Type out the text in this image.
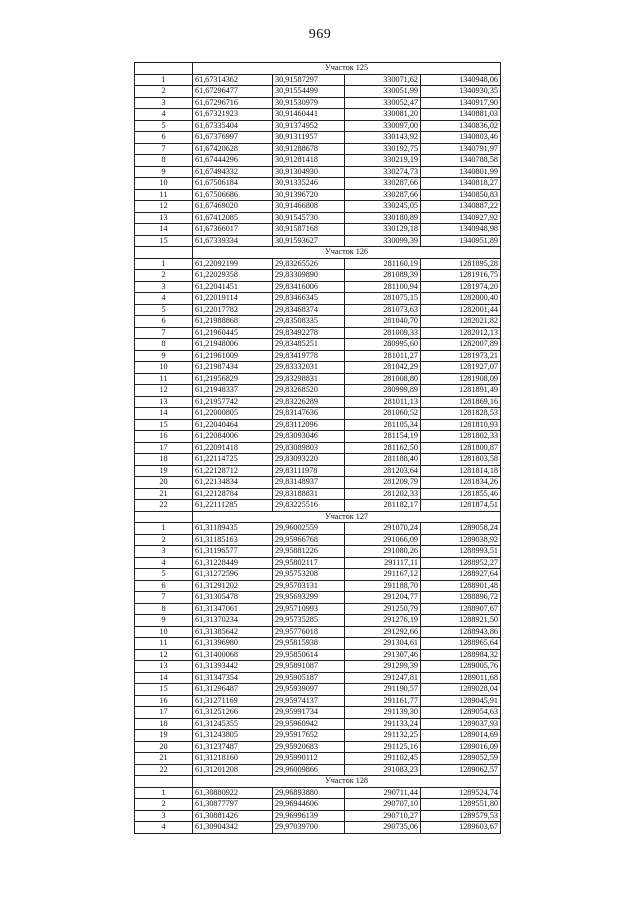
969
	Участок 125			
1	61,67314362	30,91587297	330071,62	1340948,06
2	61,67296477	30,91554499	330051,99	1340930,35
3	61,67296716	30,91530979	330052,47	1340917,90
4	61,67321923	30,91460441	330081,20	1340881,03
5	61,67335404	30,91374952	330097,00	1340836,02
6	61,67376997	30,91311957	330143,92	1340803,46
7	61,67420628	30,91288678	330192,75	1340791,97
8	61,67444296	30,91281418	330219,19	1340788,58
9	61,67494332	30,91304930	330274,73	1340801,99
10	61,67506184	30,91335246	330287,66	1340818,27
11	61,67506686	30,91396720	330287,66	1340850,83
12	61,67469020	30,91466808	330245,05	1340887,22
13	61,67412085	30,91545730	330180,89	1340927,92
14	61,67366017	30,91587168	330129,18	1340948,98
15	61,67339334	30,91593627	330099,39	1340951,89
	Участок 126			
1	61,22092199	29,83265526	281160,19	1281895,28
2	61,22029358	29,83309890	281089,39	1281916,75
3	61,22041451	29,83416006	281100,94	1281974,20
4	61,22019114	29,83466345	281075,15	1282000,40
5	61,22017782	29,83468374	281073,63	1282001,44
6	61,21988868	29,83508335	281040,70	1282021,82
7	61,21960445	29,83492278	281009,33	1282012,13
8	61,21948006	29,83485251	280995,60	1282007,89
9	61,21961009	29,83419778	281011,27	1281973,21
10	61,21987434	29,83332031	281042,29	1281927,07
11	61,21956829	29,83298831	281008,80	1281908,09
12	61,21948337	29,83268520	280999,89	1281891,49
13	61,21957742	29,83226289	281011,13	1281869,16
14	61,22000805	29,83147636	281060,52	1281828,53
15	61,22040464	29,83112096	281105,34	1281810,93
16	61,22084006	29,83093046	281154,19	1281802,33
17	61,22091418	29,83089803	281162,50	1281800,87
18	61,22114725	29,83093220	281188,40	1281803,58
19	61,22128712	29,83111978	281203,64	1281814,18
20	61,22134834	29,83148937	281209,79	1281834,26
21	61,22128784	29,83188831	281202,33	1281855,46
22	61,22111285	29,83225516	281182,17	1281874,51
	Участок 127			
1	61,31189435	29,96002559	291070,24	1289058,24
2	61,31185163	29,95966768	291066,09	1289038,92
3	61,31196577	29,95881226	291080,26	1288993,51
4	61,31228449	29,95802117	291117,11	1288952,27
5	61,31272596	29,95753208	291167,12	1288927,64
6	61,31291202	29,95703131	291188,70	1288901,48
7	61,31305478	29,95693299	291204,77	1288896,72
8	61,31347061	29,95710993	291250,79	1288907,67
9	61,31370234	29,95735285	291276,19	1288921,50
10	61,31385642	29,95776018	291292,66	1288943,86
11	61,31396980	29,95815938	291304,61	1288965,64
12	61,31400068	29,95850614	291307,46	1288984,32
13	61,31393442	29,95891087	291299,39	1289005,76
14	61,31347354	29,95905187	291247,81	1289011,68
15	61,31296487	29,95939097	291190,57	1289028,04
16	61,31271169	29,95974137	291161,77	1289045,91
17	61,31251266	29,95991734	291139,30	1289054,63
18	61,31245355	29,95960942	291133,24	1289037,93
19	61,31243805	29,95917652	291132,25	1289014,69
20	61,31237487	29,95920683	291125,16	1289016,09
21	61,31218160	29,95990112	291102,45	1289052,59
22	61,31201208	29,96009866	291083,23	1289062,57
	Участок 128			
1	61,30880922	29,96893880	290711,44	1289524,74
2	61,30877797	29,96944606	290707,10	1289551,80
3	61,30881426	29,96996139	290710,27	1289579,53
4	61,30904342	29,97039700	290735,06	1289603,67
